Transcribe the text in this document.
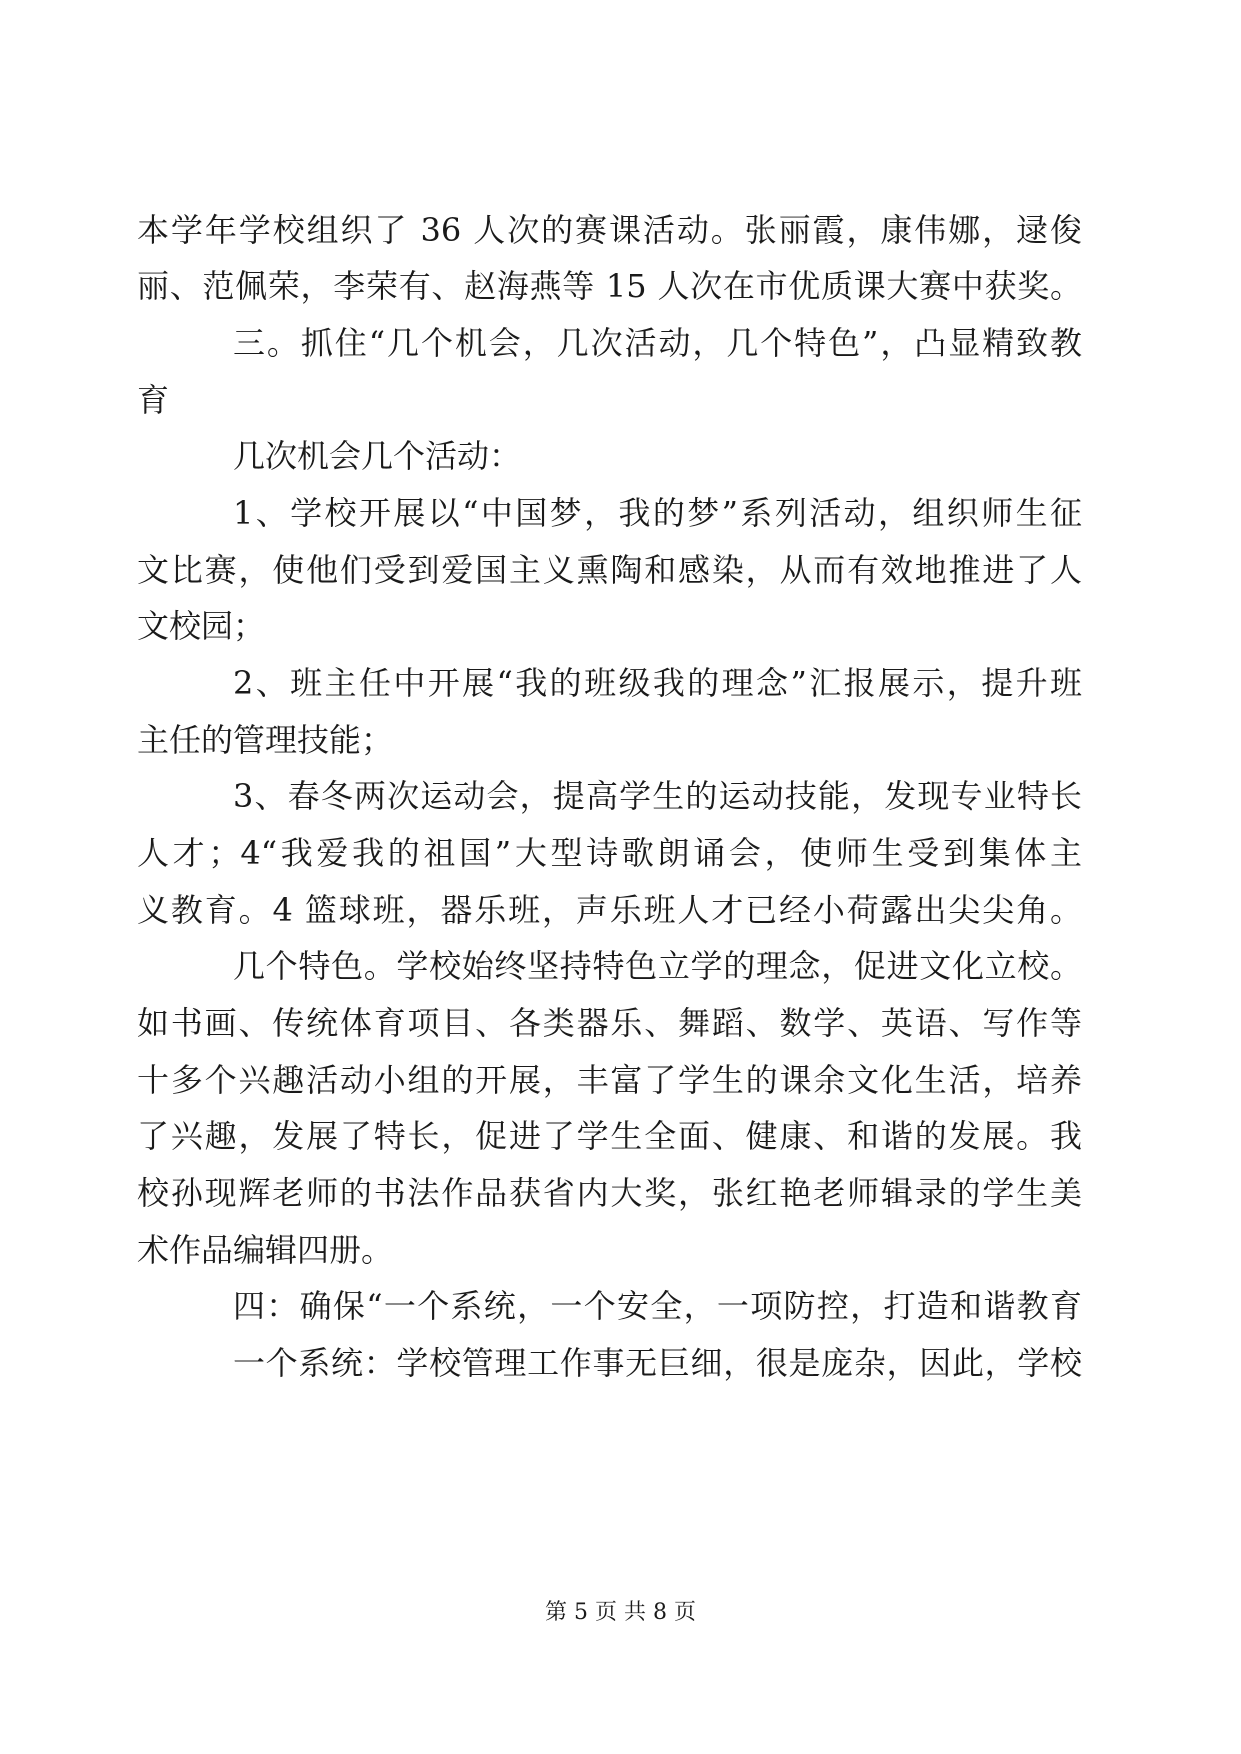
本学年学校组织了 36 人次的赛课活动。张丽霞，康伟娜，逯俊
丽、范佩荣，李荣有、赵海燕等 15 人次在市优质课大赛中获奖。
三。抓住“几个机会，几次活动，几个特色”，凸显精致教
育
几次机会几个活动：
1、学校开展以“中国梦，我的梦”系列活动，组织师生征
文比赛，使他们受到爱国主义熏陶和感染，从而有效地推进了人
文校园；
2、班主任中开展“我的班级我的理念”汇报展示，提升班
主任的管理技能；
3、春冬两次运动会，提高学生的运动技能，发现专业特长
人才；4“我爱我的祖国”大型诗歌朗诵会，使师生受到集体主
义教育。4 篮球班，器乐班，声乐班人才已经小荷露出尖尖角。
几个特色。学校始终坚持特色立学的理念，促进文化立校。
如书画、传统体育项目、各类器乐、舞蹈、数学、英语、写作等
十多个兴趣活动小组的开展，丰富了学生的课余文化生活，培养
了兴趣，发展了特长，促进了学生全面、健康、和谐的发展。我
校孙现辉老师的书法作品获省内大奖，张红艳老师辑录的学生美
术作品编辑四册。
四：确保“一个系统，一个安全，一项防控，打造和谐教育
一个系统：学校管理工作事无巨细，很是庞杂，因此，学校
第 5 页 共 8 页
